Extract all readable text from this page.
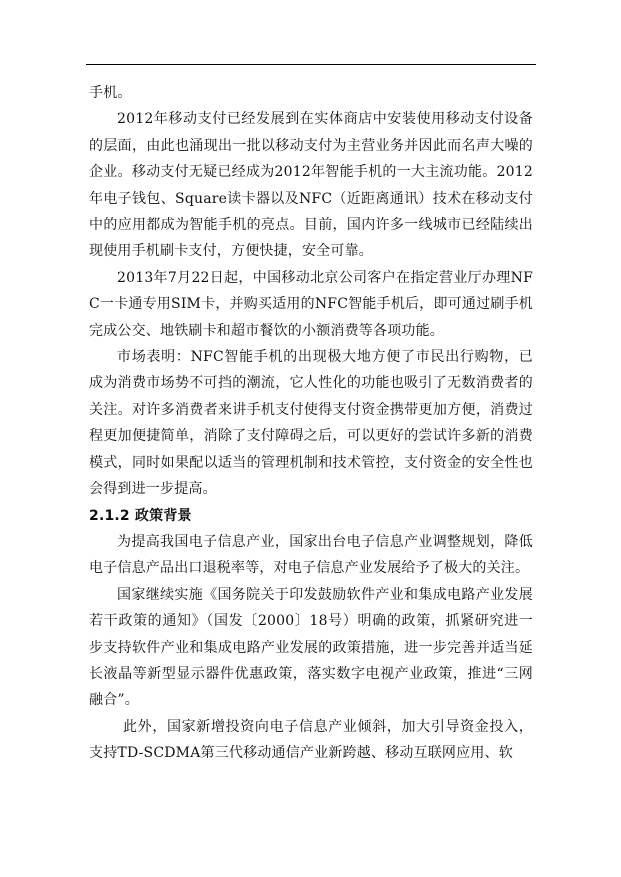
手机。

2012年移动支付已经发展到在实体商店中安装使用移动支付设备的层面，由此也涌现出一批以移动支付为主营业务并因此而名声大噪的企业。移动支付无疑已经成为2012年智能手机的一大主流功能。2012年电子钱包、Square读卡器以及NFC（近距离通讯）技术在移动支付中的应用都成为智能手机的亮点。目前，国内许多一线城市已经陆续出现使用手机刷卡支付，方便快捷，安全可靠。

2013年7月22日起，中国移动北京公司客户在指定营业厅办理NFC一卡通专用SIM卡，并购买适用的NFC智能手机后，即可通过刷手机完成公交、地铁刷卡和超市餐饮的小额消费等各项功能。

市场表明：NFC智能手机的出现极大地方便了市民出行购物，已成为消费市场势不可挡的潮流，它人性化的功能也吸引了无数消费者的关注。对许多消费者来讲手机支付使得支付资金携带更加方便，消费过程更加便捷简单，消除了支付障碍之后，可以更好的尝试许多新的消费模式，同时如果配以适当的管理机制和技术管控，支付资金的安全性也会得到进一步提高。

2.1.2 政策背景

为提高我国电子信息产业，国家出台电子信息产业调整规划，降低电子信息产品出口退税率等，对电子信息产业发展给予了极大的关注。

国家继续实施《国务院关于印发鼓励软件产业和集成电路产业发展若干政策的通知》（国发〔2000〕18号）明确的政策，抓紧研究进一步支持软件产业和集成电路产业发展的政策措施，进一步完善并适当延长液晶等新型显示器件优惠政策，落实数字电视产业政策，推进“三网融合”。

此外，国家新增投资向电子信息产业倾斜，加大引导资金投入，支持TD-SCDMA第三代移动通信产业新跨越、移动互联网应用、软
